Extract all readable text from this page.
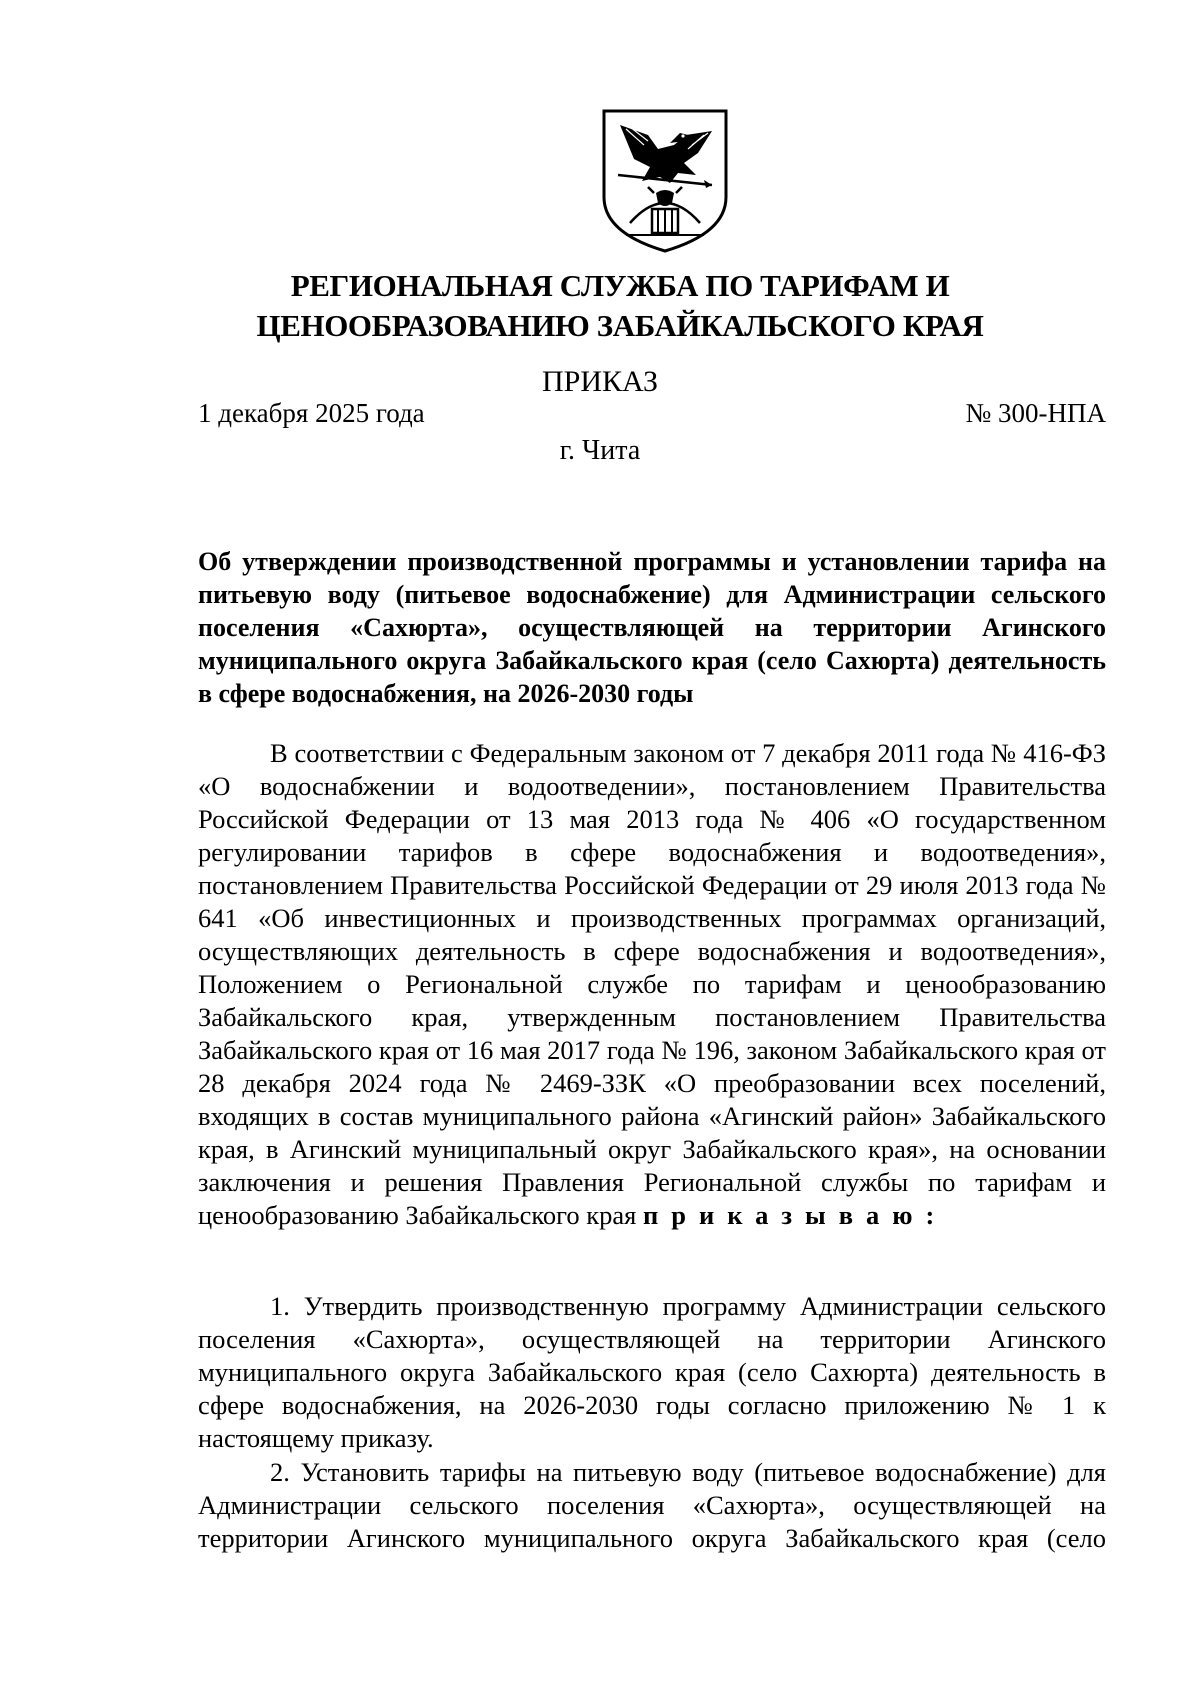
РЕГИОНАЛЬНАЯ СЛУЖБА ПО ТАРИФАМ И
ЦЕНООБРАЗОВАНИЮ ЗАБАЙКАЛЬСКОГО КРАЯ
ПРИКАЗ
1 декабря 2025 года	№ 300-НПА
г. Чита
Об утверждении производственной программы и установлении тарифа на питьевую воду (питьевое водоснабжение) для Администрации сельского поселения «Сахюрта», осуществляющей на территории Агинского муниципального округа Забайкальского края (село Сахюрта) деятельность в сфере водоснабжения, на 2026-2030 годы

В соответствии с Федеральным законом от 7 декабря 2011 года № 416-ФЗ «О водоснабжении и водоотведении», постановлением Правительства Российской Федерации от 13 мая 2013 года № 406 «О государственном регулировании тарифов в сфере водоснабжения и водоотведения», постановлением Правительства Российской Федерации от 29 июля 2013 года № 641 «Об инвестиционных и производственных программах организаций, осуществляющих деятельность в сфере водоснабжения и водоотведения», Положением о Региональной службе по тарифам и ценообразованию Забайкальского края, утвержденным постановлением Правительства Забайкальского края от 16 мая 2017 года № 196, законом Забайкальского края от 28 декабря 2024 года № 2469-ЗЗК «О преобразовании всех поселений, входящих в состав муниципального района «Агинский район» Забайкальского края, в Агинский муниципальный округ Забайкальского края», на основании заключения и решения Правления Региональной службы по тарифам и ценообразованию Забайкальского края приказываю:

1. Утвердить производственную программу Администрации сельского поселения «Сахюрта», осуществляющей на территории Агинского муниципального округа Забайкальского края (село Сахюрта) деятельность в сфере водоснабжения, на 2026-2030 годы согласно приложению № 1 к настоящему приказу.

2. Установить тарифы на питьевую воду (питьевое водоснабжение) для Администрации сельского поселения «Сахюрта», осуществляющей на территории Агинского муниципального округа Забайкальского края (село
